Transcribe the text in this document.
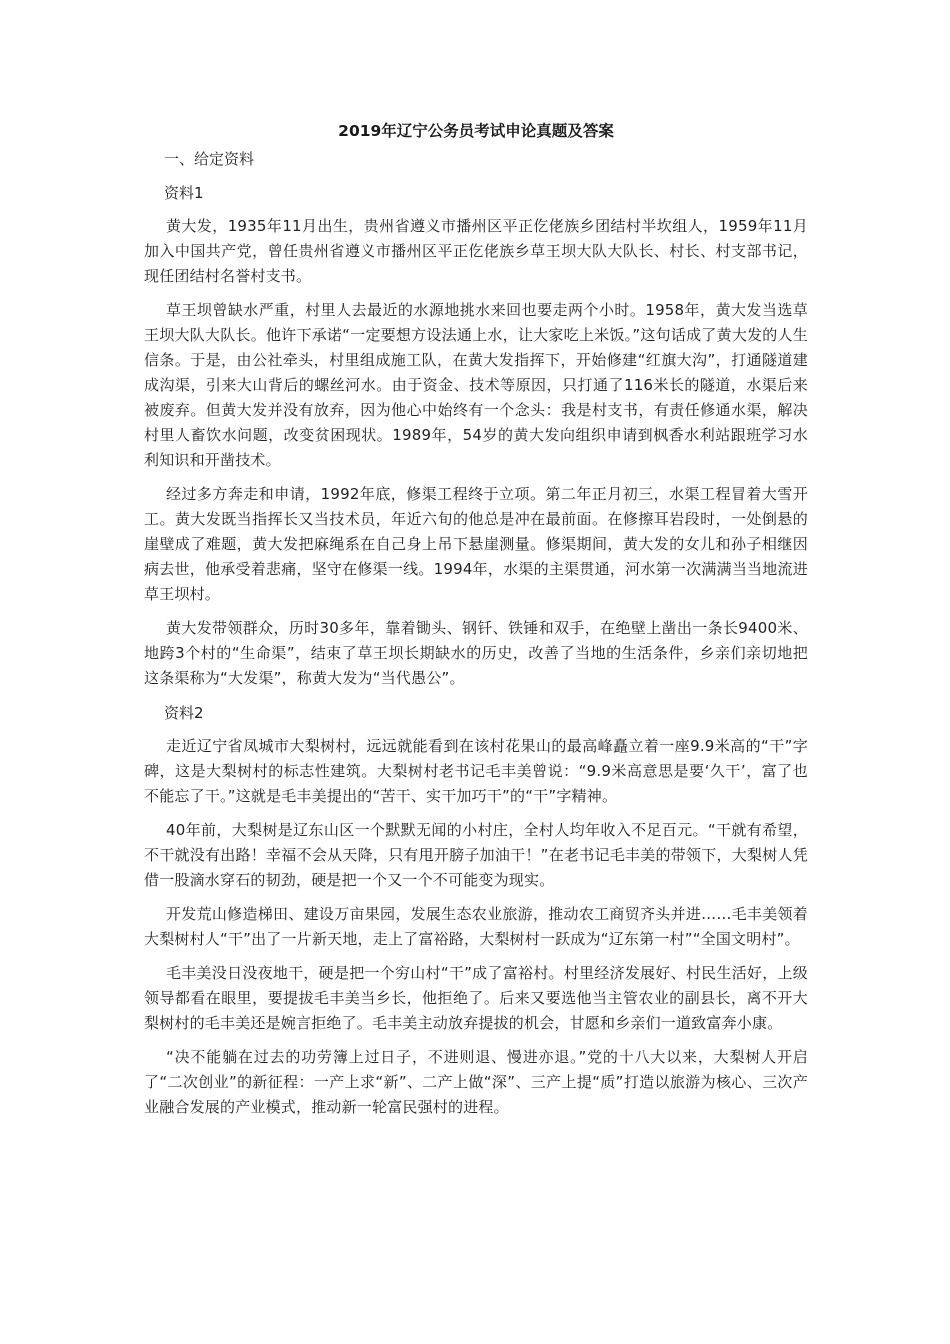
2019年辽宁公务员考试申论真题及答案
一、给定资料
资料1

黄大发，1935年11月出生，贵州省遵义市播州区平正仡佬族乡团结村半坎组人，1959年11月加入中国共产党，曾任贵州省遵义市播州区平正仡佬族乡草王坝大队大队长、村长、村支部书记，现任团结村名誉村支书。

草王坝曾缺水严重，村里人去最近的水源地挑水来回也要走两个小时。1958年，黄大发当选草王坝大队大队长。他许下承诺“一定要想方设法通上水，让大家吃上米饭。”这句话成了黄大发的人生信条。于是，由公社牵头，村里组成施工队，在黄大发指挥下，开始修建“红旗大沟”，打通隧道建成沟渠，引来大山背后的螺丝河水。由于资金、技术等原因，只打通了116米长的隧道，水渠后来被废弃。但黄大发并没有放弃，因为他心中始终有一个念头：我是村支书，有责任修通水渠，解决村里人畜饮水问题，改变贫困现状。1989年，54岁的黄大发向组织申请到枫香水利站跟班学习水利知识和开凿技术。

经过多方奔走和申请，1992年底，修渠工程终于立项。第二年正月初三，水渠工程冒着大雪开工。黄大发既当指挥长又当技术员，年近六旬的他总是冲在最前面。在修擦耳岩段时，一处倒悬的崖壁成了难题，黄大发把麻绳系在自己身上吊下悬崖测量。修渠期间，黄大发的女儿和孙子相继因病去世，他承受着悲痛，坚守在修渠一线。1994年，水渠的主渠贯通，河水第一次满满当当地流进草王坝村。

黄大发带领群众，历时30多年，靠着锄头、钢钎、铁锤和双手，在绝壁上凿出一条长9400米、地跨3个村的“生命渠”，结束了草王坝长期缺水的历史，改善了当地的生活条件，乡亲们亲切地把这条渠称为“大发渠”，称黄大发为“当代愚公”。

资料2

走近辽宁省凤城市大梨树村，远远就能看到在该村花果山的最高峰矗立着一座9.9米高的“干”字碑，这是大梨树村的标志性建筑。大梨树村老书记毛丰美曾说：“9.9米高意思是要‘久干’，富了也不能忘了干。”这就是毛丰美提出的“苦干、实干加巧干”的“干”字精神。

40年前，大梨树是辽东山区一个默默无闻的小村庄，全村人均年收入不足百元。“干就有希望，不干就没有出路！幸福不会从天降，只有甩开膀子加油干！”在老书记毛丰美的带领下，大梨树人凭借一股滴水穿石的韧劲，硬是把一个又一个不可能变为现实。

开发荒山修造梯田、建设万亩果园，发展生态农业旅游，推动农工商贸齐头并进……毛丰美领着大梨树村人“干”出了一片新天地，走上了富裕路，大梨树村一跃成为“辽东第一村”“全国文明村”。

毛丰美没日没夜地干，硬是把一个穷山村“干”成了富裕村。村里经济发展好、村民生活好，上级领导都看在眼里，要提拔毛丰美当乡长，他拒绝了。后来又要选他当主管农业的副县长，离不开大梨树村的毛丰美还是婉言拒绝了。毛丰美主动放弃提拔的机会，甘愿和乡亲们一道致富奔小康。

“决不能躺在过去的功劳簿上过日子，不进则退、慢进亦退。”党的十八大以来，大梨树人开启了“二次创业”的新征程：一产上求“新”、二产上做“深”、三产上提“质”打造以旅游为核心、三次产业融合发展的产业模式，推动新一轮富民强村的进程。
